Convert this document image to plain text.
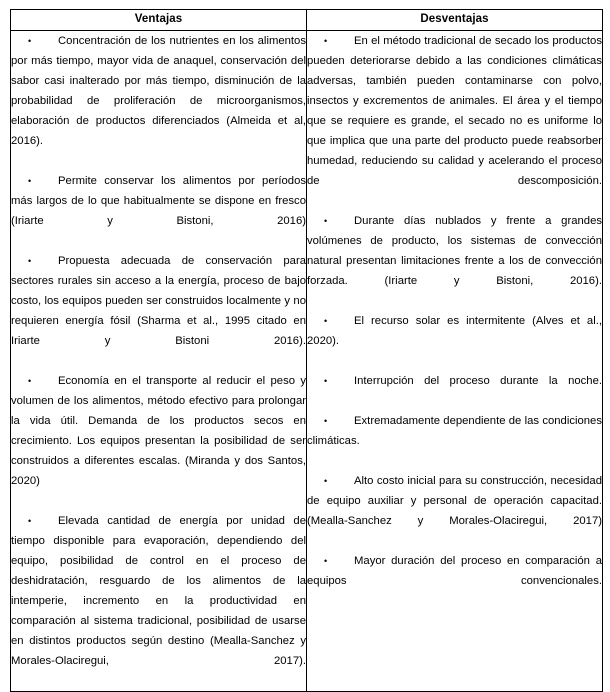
Ventajas	Desventajas

• Concentración de los nutrientes en los alimentos por más tiempo, mayor vida de anaquel, conservación del sabor casi inalterado por más tiempo, disminución de la probabilidad de proliferación de microorganismos, elaboración de productos diferenciados (Almeida et al, 2016).
• Permite conservar los alimentos por períodos más largos de lo que habitualmente se dispone en fresco (Iriarte y Bistoni, 2016)
• Propuesta adecuada de conservación para sectores rurales sin acceso a la energía, proceso de bajo costo, los equipos pueden ser construidos localmente y no requieren energía fósil (Sharma et al., 1995 citado en Iriarte y Bistoni 2016).
• Economía en el transporte al reducir el peso y volumen de los alimentos, método efectivo para prolongar la vida útil. Demanda de los productos secos en crecimiento. Los equipos presentan la posibilidad de ser construidos a diferentes escalas. (Miranda y dos Santos, 2020)
• Elevada cantidad de energía por unidad de tiempo disponible para evaporación, dependiendo del equipo, posibilidad de control en el proceso de deshidratación, resguardo de los alimentos de la intemperie, incremento en la productividad en comparación al sistema tradicional, posibilidad de usarse en distintos productos según destino (Mealla-Sanchez y Morales-Olaciregui, 2017).

• En el método tradicional de secado los productos pueden deteriorarse debido a las condiciones climáticas adversas, también pueden contaminarse con polvo, insectos y excrementos de animales. El área y el tiempo que se requiere es grande, el secado no es uniforme lo que implica que una parte del producto puede reabsorber humedad, reduciendo su calidad y acelerando el proceso de descomposición.
• Durante días nublados y frente a grandes volúmenes de producto, los sistemas de convección natural presentan limitaciones frente a los de convección forzada. (Iriarte y Bistoni, 2016).
• El recurso solar es intermitente (Alves et al., 2020).
• Interrupción del proceso durante la noche.
• Extremadamente dependiente de las condiciones climáticas.
• Alto costo inicial para su construcción, necesidad de equipo auxiliar y personal de operación capacitad. (Mealla-Sanchez y Morales-Olaciregui, 2017)
• Mayor duración del proceso en comparación a equipos convencionales.
